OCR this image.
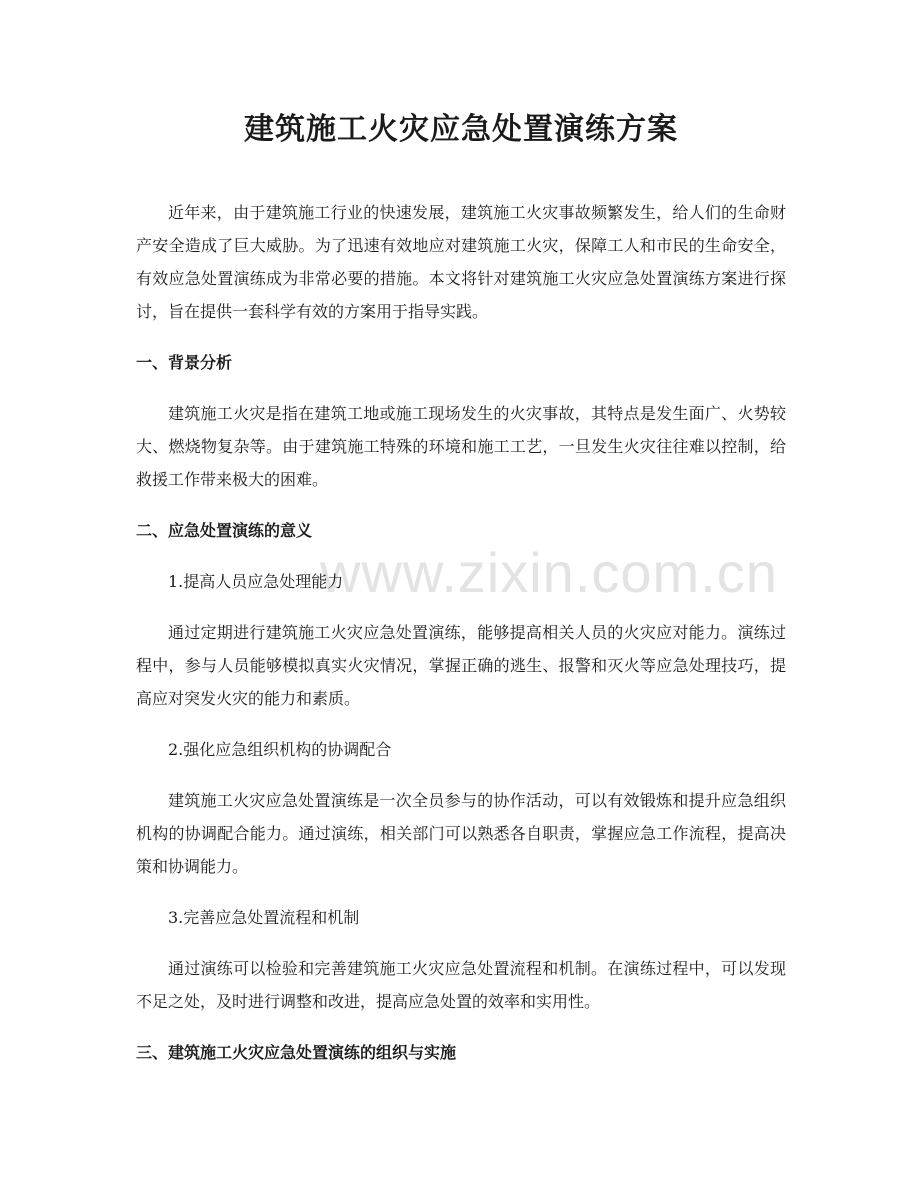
www.zixin.com.cn
建筑施工火灾应急处置演练方案

近年来，由于建筑施工行业的快速发展，建筑施工火灾事故频繁发生，给人们的生命财产安全造成了巨大威胁。为了迅速有效地应对建筑施工火灾，保障工人和市民的生命安全，有效应急处置演练成为非常必要的措施。本文将针对建筑施工火灾应急处置演练方案进行探讨，旨在提供一套科学有效的方案用于指导实践。

一、背景分析

建筑施工火灾是指在建筑工地或施工现场发生的火灾事故，其特点是发生面广、火势较大、燃烧物复杂等。由于建筑施工特殊的环境和施工工艺，一旦发生火灾往往难以控制，给救援工作带来极大的困难。

二、应急处置演练的意义
1.提高人员应急处理能力

通过定期进行建筑施工火灾应急处置演练，能够提高相关人员的火灾应对能力。演练过程中，参与人员能够模拟真实火灾情况，掌握正确的逃生、报警和灭火等应急处理技巧，提高应对突发火灾的能力和素质。

2.强化应急组织机构的协调配合

建筑施工火灾应急处置演练是一次全员参与的协作活动，可以有效锻炼和提升应急组织机构的协调配合能力。通过演练，相关部门可以熟悉各自职责，掌握应急工作流程，提高决策和协调能力。

3.完善应急处置流程和机制

通过演练可以检验和完善建筑施工火灾应急处置流程和机制。在演练过程中，可以发现不足之处，及时进行调整和改进，提高应急处置的效率和实用性。

三、建筑施工火灾应急处置演练的组织与实施
